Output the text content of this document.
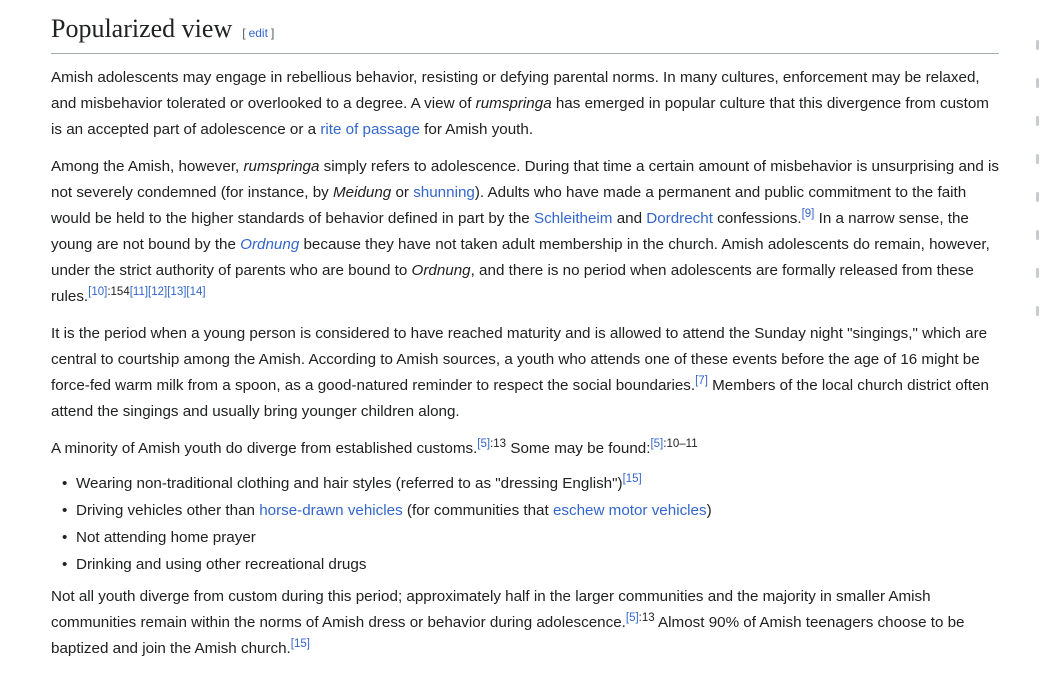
Popularized view [ edit ]

Amish adolescents may engage in rebellious behavior, resisting or defying parental norms. In many cultures, enforcement may be relaxed, and misbehavior tolerated or overlooked to a degree. A view of rumspringa has emerged in popular culture that this divergence from custom is an accepted part of adolescence or a rite of passage for Amish youth.

Among the Amish, however, rumspringa simply refers to adolescence. During that time a certain amount of misbehavior is unsurprising and is not severely condemned (for instance, by Meidung or shunning). Adults who have made a permanent and public commitment to the faith would be held to the higher standards of behavior defined in part by the Schleitheim and Dordrecht confessions.[9] In a narrow sense, the young are not bound by the Ordnung because they have not taken adult membership in the church. Amish adolescents do remain, however, under the strict authority of parents who are bound to Ordnung, and there is no period when adolescents are formally released from these rules.[10]:154[11][12][13][14]

It is the period when a young person is considered to have reached maturity and is allowed to attend the Sunday night "singings," which are central to courtship among the Amish. According to Amish sources, a youth who attends one of these events before the age of 16 might be force-fed warm milk from a spoon, as a good-natured reminder to respect the social boundaries.[7] Members of the local church district often attend the singings and usually bring younger children along.

A minority of Amish youth do diverge from established customs.$^{[5]:13}$ Some may be found:$^{[5]:10-11}$

• Wearing non-traditional clothing and hair styles (referred to as "dressing English")[15]
• Driving vehicles other than horse-drawn vehicles (for communities that eschew motor vehicles)
• Not attending home prayer
• Drinking and using other recreational drugs

Not all youth diverge from custom during this period; approximately half in the larger communities and the majority in smaller Amish communities remain within the norms of Amish dress or behavior during adolescence.$^{[5]:13}$ Almost 90% of Amish teenagers choose to be baptized and join the Amish church.[15]
